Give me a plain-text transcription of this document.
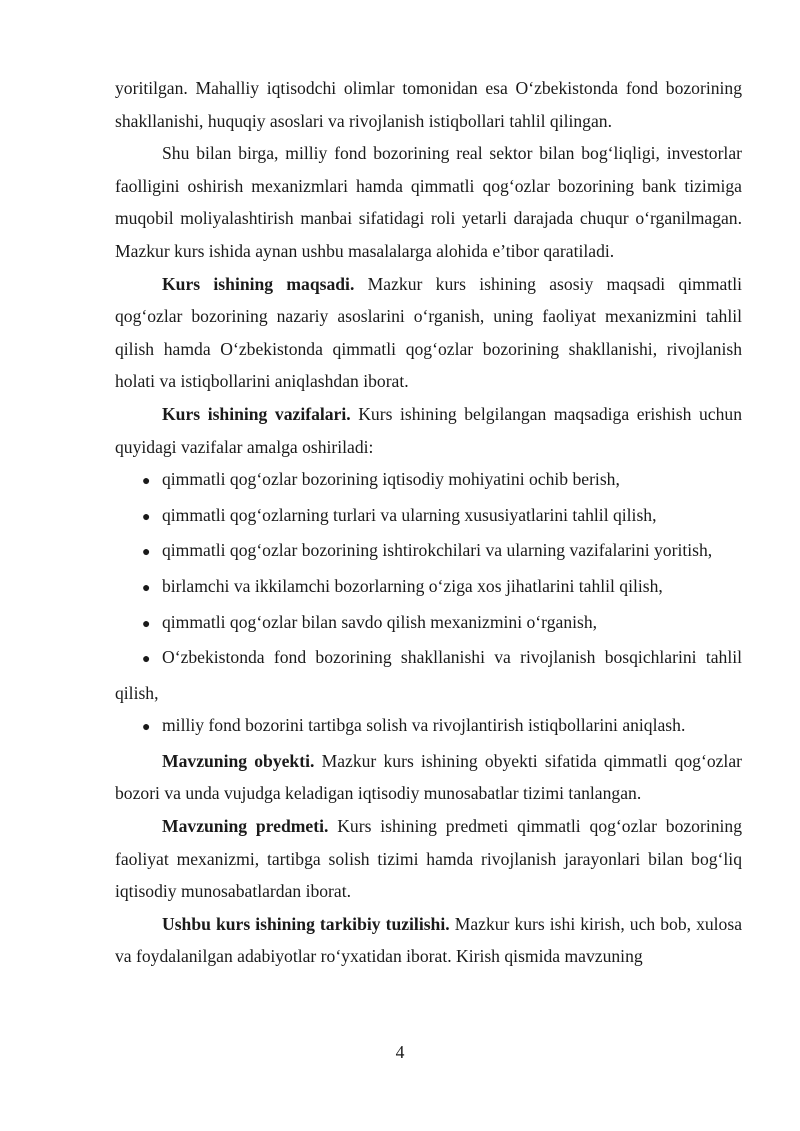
yoritilgan. Mahalliy iqtisodchi olimlar tomonidan esa O‘zbekistonda fond bozorining shakllanishi, huquqiy asoslari va rivojlanish istiqbollari tahlil qilingan.

Shu bilan birga, milliy fond bozorining real sektor bilan bog‘liqligi, investorlar faolligini oshirish mexanizmlari hamda qimmatli qog‘ozlar bozorining bank tizimiga muqobil moliyalashtirish manbai sifatidagi roli yetarli darajada chuqur o‘rganilmagan. Mazkur kurs ishida aynan ushbu masalalarga alohida e’tibor qaratiladi.

Kurs ishining maqsadi. Mazkur kurs ishining asosiy maqsadi qimmatli qog‘ozlar bozorining nazariy asoslarini o‘rganish, uning faoliyat mexanizmini tahlil qilish hamda O‘zbekistonda qimmatli qog‘ozlar bozorining shakllanishi, rivojlanish holati va istiqbollarini aniqlashdan iborat.

Kurs ishining vazifalari. Kurs ishining belgilangan maqsadiga erishish uchun quyidagi vazifalar amalga oshiriladi:

● qimmatli qog‘ozlar bozorining iqtisodiy mohiyatini ochib berish,
● qimmatli qog‘ozlarning turlari va ularning xususiyatlarini tahlil qilish,
● qimmatli qog‘ozlar bozorining ishtirokchilari va ularning vazifalarini yoritish,
● birlamchi va ikkilamchi bozorlarning o‘ziga xos jihatlarini tahlil qilish,
● qimmatli qog‘ozlar bilan savdo qilish mexanizmini o‘rganish,
● O‘zbekistonda fond bozorining shakllanishi va rivojlanish bosqichlarini tahlil qilish,
● milliy fond bozorini tartibga solish va rivojlantirish istiqbollarini aniqlash.

Mavzuning obyekti. Mazkur kurs ishining obyekti sifatida qimmatli qog‘ozlar bozori va unda vujudga keladigan iqtisodiy munosabatlar tizimi tanlangan.

Mavzuning predmeti. Kurs ishining predmeti qimmatli qog‘ozlar bozorining faoliyat mexanizmi, tartibga solish tizimi hamda rivojlanish jarayonlari bilan bog‘liq iqtisodiy munosabatlardan iborat.

Ushbu kurs ishining tarkibiy tuzilishi. Mazkur kurs ishi kirish, uch bob, xulosa va foydalanilgan adabiyotlar ro‘yxatidan iborat. Kirish qismida mavzuning

4
